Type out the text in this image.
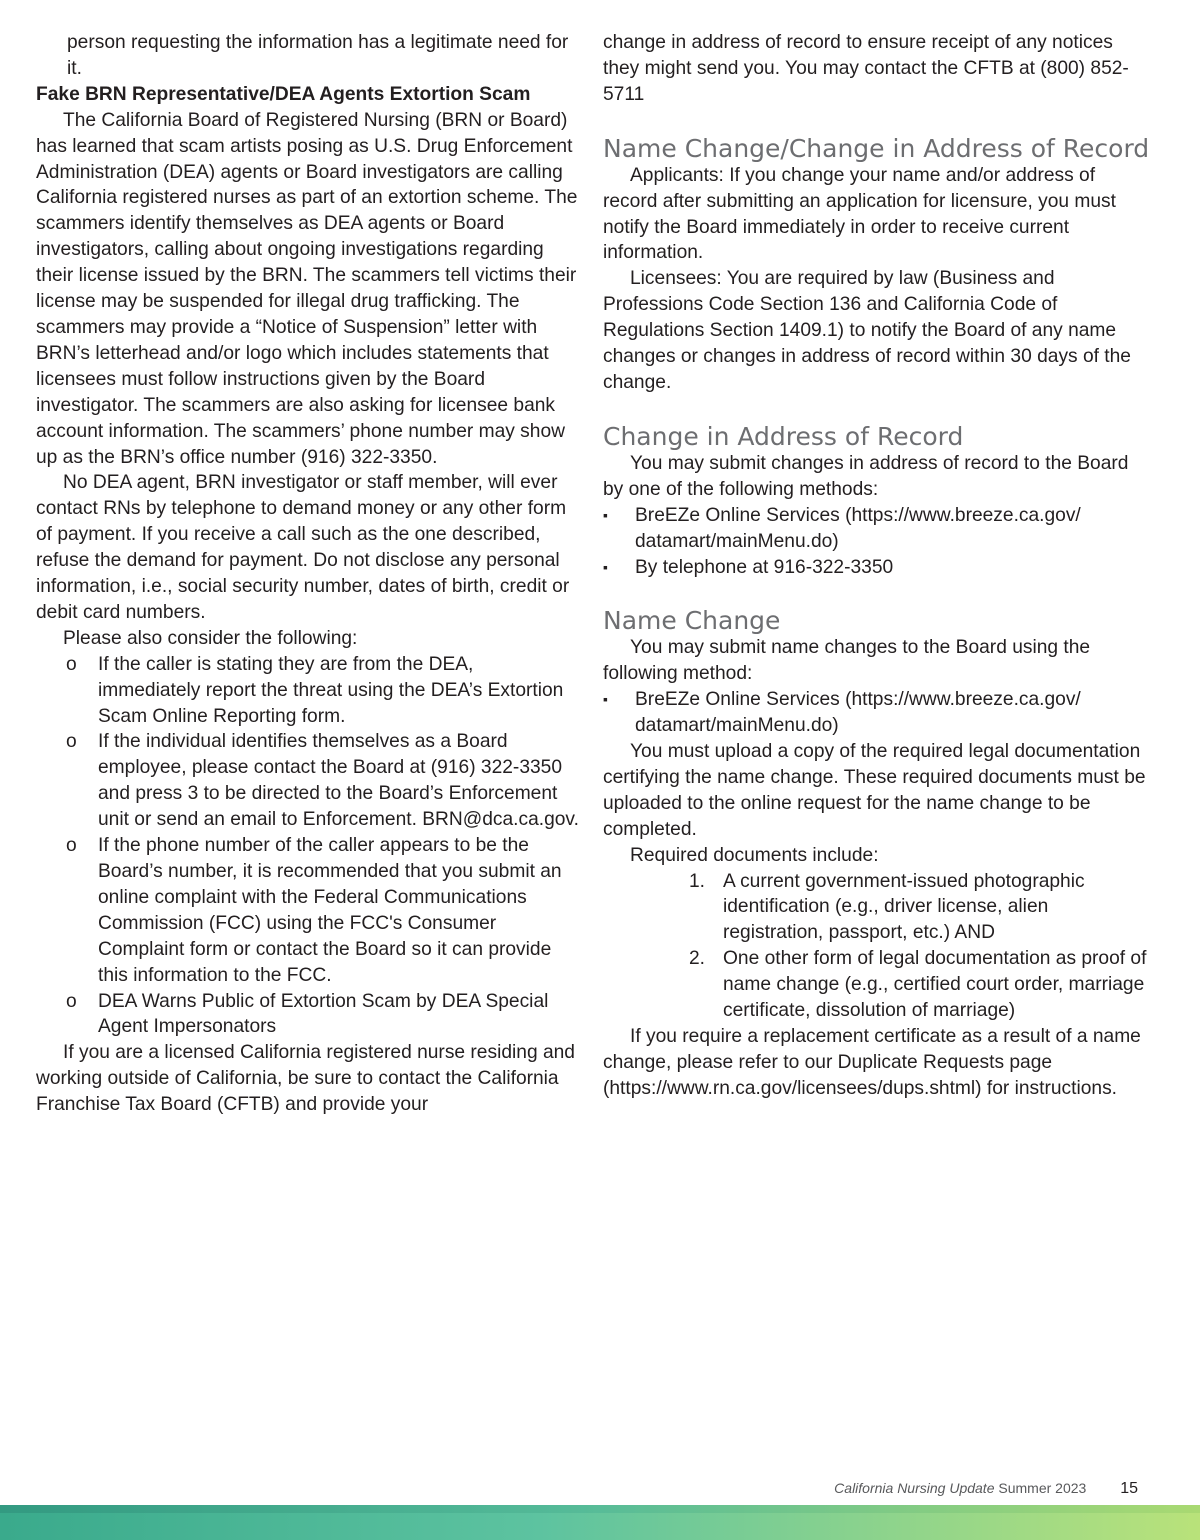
person requesting the information has a legitimate need for it.

Fake BRN Representative/DEA Agents Extortion Scam

The California Board of Registered Nursing (BRN or Board) has learned that scam artists posing as U.S. Drug Enforcement Administration (DEA) agents or Board investigators are calling California registered nurses as part of an extortion scheme. The scammers identify themselves as DEA agents or Board investigators, calling about ongoing investigations regarding their license issued by the BRN. The scammers tell victims their license may be suspended for illegal drug trafficking. The scammers may provide a “Notice of Suspension” letter with BRN’s letterhead and/or logo which includes statements that licensees must follow instructions given by the Board investigator. The scammers are also asking for licensee bank account information. The scammers’ phone number may show up as the BRN’s office number (916) 322-3350.

No DEA agent, BRN investigator or staff member, will ever contact RNs by telephone to demand money or any other form of payment. If you receive a call such as the one described, refuse the demand for payment. Do not disclose any personal information, i.e., social security number, dates of birth, credit or debit card numbers.

Please also consider the following:

o If the caller is stating they are from the DEA, immediately report the threat using the DEA’s Extortion Scam Online Reporting form.
o If the individual identifies themselves as a Board employee, please contact the Board at (916) 322-3350 and press 3 to be directed to the Board’s Enforcement unit or send an email to Enforcement. BRN@dca.ca.gov.
o If the phone number of the caller appears to be the Board’s number, it is recommended that you submit an online complaint with the Federal Communications Commission (FCC) using the FCC's Consumer Complaint form or contact the Board so it can provide this information to the FCC.
o DEA Warns Public of Extortion Scam by DEA Special Agent Impersonators

If you are a licensed California registered nurse residing and working outside of California, be sure to contact the California Franchise Tax Board (CFTB) and provide your

change in address of record to ensure receipt of any notices they might send you. You may contact the CFTB at (800) 852-5711

Name Change/Change in Address of Record

Applicants: If you change your name and/or address of record after submitting an application for licensure, you must notify the Board immediately in order to receive current information.

Licensees: You are required by law (Business and Professions Code Section 136 and California Code of Regulations Section 1409.1) to notify the Board of any name changes or changes in address of record within 30 days of the change.

Change in Address of Record

You may submit changes in address of record to the Board by one of the following methods:

▪ BreEZe Online Services (https://www.breeze.ca.gov/ datamart/mainMenu.do)
▪ By telephone at 916-322-3350
Name Change

You may submit name changes to the Board using the following method:

▪ BreEZe Online Services (https://www.breeze.ca.gov/ datamart/mainMenu.do)

You must upload a copy of the required legal documentation certifying the name change. These required documents must be uploaded to the online request for the name change to be completed.

Required documents include:

1. A current government-issued photographic identification (e.g., driver license, alien registration, passport, etc.) AND
2. One other form of legal documentation as proof of name change (e.g., certified court order, marriage certificate, dissolution of marriage)

If you require a replacement certificate as a result of a name change, please refer to our Duplicate Requests page (https://www.rn.ca.gov/licensees/dups.shtml) for instructions.

California Nursing Update Summer 2023 15
